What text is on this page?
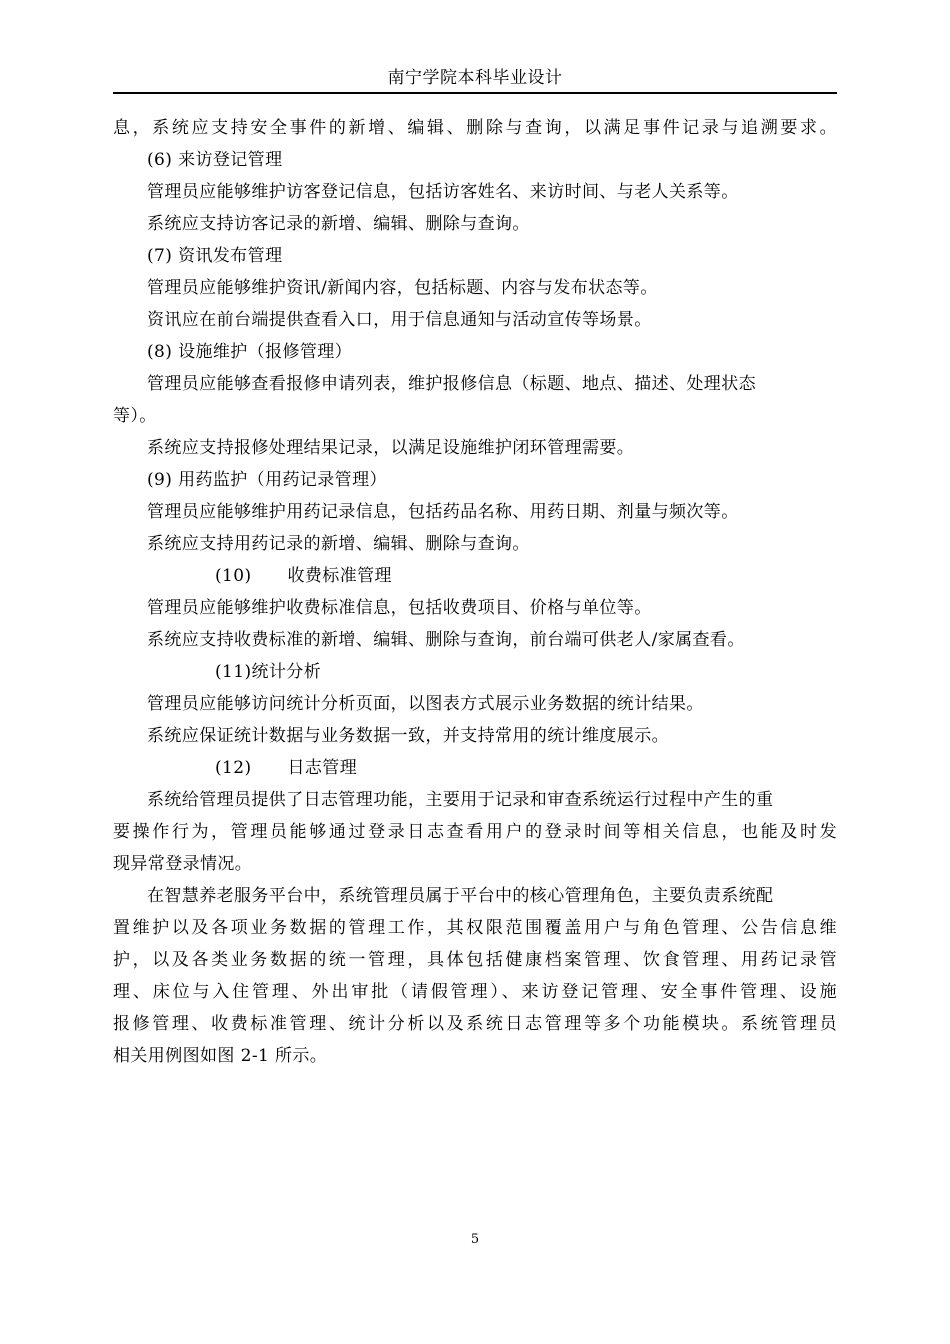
南宁学院本科毕业设计
息，系统应支持安全事件的新增、编辑、删除与查询，以满足事件记录与追溯要求。
(6) 来访登记管理
管理员应能够维护访客登记信息，包括访客姓名、来访时间、与老人关系等。
系统应支持访客记录的新增、编辑、删除与查询。
(7) 资讯发布管理
管理员应能够维护资讯/新闻内容，包括标题、内容与发布状态等。
资讯应在前台端提供查看入口，用于信息通知与活动宣传等场景。
(8) 设施维护（报修管理）
管理员应能够查看报修申请列表，维护报修信息（标题、地点、描述、处理状态
等）。
系统应支持报修处理结果记录，以满足设施维护闭环管理需要。
(9) 用药监护（用药记录管理）
管理员应能够维护用药记录信息，包括药品名称、用药日期、剂量与频次等。
系统应支持用药记录的新增、编辑、删除与查询。
(10) 收费标准管理
管理员应能够维护收费标准信息，包括收费项目、价格与单位等。
系统应支持收费标准的新增、编辑、删除与查询，前台端可供老人/家属查看。
(11)统计分析
管理员应能够访问统计分析页面，以图表方式展示业务数据的统计结果。
系统应保证统计数据与业务数据一致，并支持常用的统计维度展示。
(12) 日志管理
系统给管理员提供了日志管理功能，主要用于记录和审查系统运行过程中产生的重
要操作行为，管理员能够通过登录日志查看用户的登录时间等相关信息，也能及时发
现异常登录情况。
在智慧养老服务平台中，系统管理员属于平台中的核心管理角色，主要负责系统配
置维护以及各项业务数据的管理工作，其权限范围覆盖用户与角色管理、公告信息维
护，以及各类业务数据的统一管理，具体包括健康档案管理、饮食管理、用药记录管
理、床位与入住管理、外出审批（请假管理）、来访登记管理、安全事件管理、设施
报修管理、收费标准管理、统计分析以及系统日志管理等多个功能模块。系统管理员
相关用例图如图 2-1 所示。
5
